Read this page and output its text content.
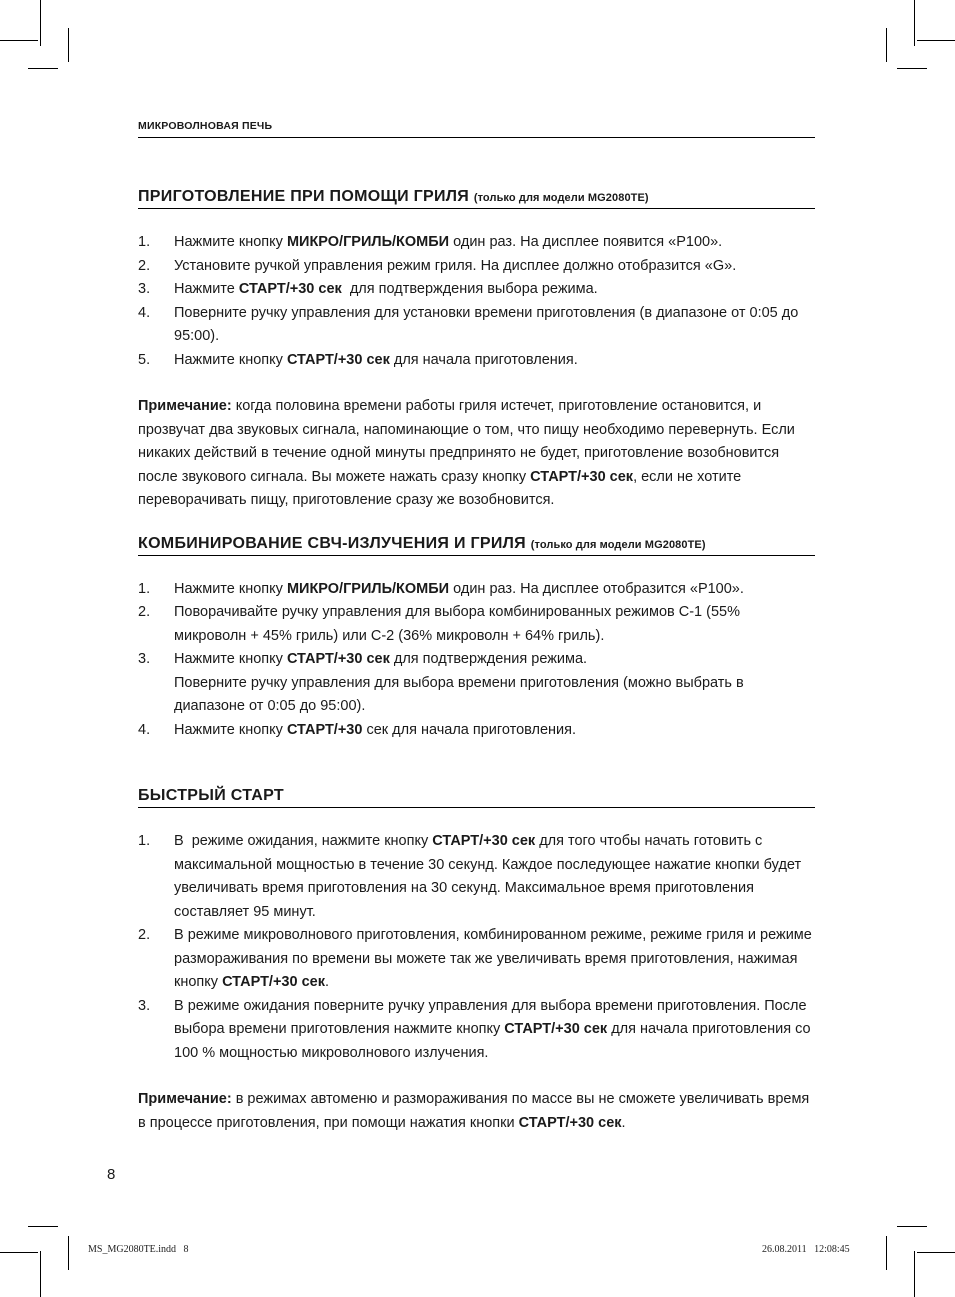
МИКРОВОЛНОВАЯ ПЕЧЬ
ПРИГОТОВЛЕНИЕ ПРИ ПОМОЩИ ГРИЛЯ (только для модели MG2080TE)
1. Нажмите кнопку МИКРО/ГРИЛЬ/КОМБИ один раз. На дисплее появится «Р100».
2. Установите ручкой управления режим гриля. На дисплее должно отобразится «G».
3. Нажмите СТАРТ/+30 сек  для подтверждения выбора режима.
4. Поверните ручку управления для установки времени приготовления (в диапазоне от 0:05 до 95:00).
5. Нажмите кнопку СТАРТ/+30 сек для начала приготовления.

Примечание: когда половина времени работы гриля истечет, приготовление остановится, и прозвучат два звуковых сигнала, напоминающие о том, что пищу необходимо перевернуть. Если никаких действий в течение одной минуты предпринято не будет, приготовление возобновится после звукового сигнала. Вы можете нажать сразу кнопку СТАРТ/+30 сек, если не хотите переворачивать пищу, приготовление сразу же возобновится.

КОМБИНИРОВАНИЕ СВЧ-ИЗЛУЧЕНИЯ И ГРИЛЯ (только для модели MG2080TE)
1. Нажмите кнопку МИКРО/ГРИЛЬ/КОМБИ один раз. На дисплее отобразится «Р100».
2. Поворачивайте ручку управления для выбора комбинированных режимов С-1 (55% микроволн + 45% гриль) или С-2 (36% микроволн + 64% гриль).
3. Нажмите кнопку СТАРТ/+30 сек для подтверждения режима.
Поверните ручку управления для выбора времени приготовления (можно выбрать в диапазоне от 0:05 до 95:00).
4. Нажмите кнопку СТАРТ/+30 сек для начала приготовления.
БЫСТРЫЙ СТАРТ
1. В  режиме ожидания, нажмите кнопку СТАРТ/+30 сек для того чтобы начать готовить с максимальной мощностью в течение 30 секунд. Каждое последующее нажатие кнопки будет увеличивать время приготовления на 30 секунд. Максимальное время приготовления составляет 95 минут.
2. В режиме микроволнового приготовления, комбинированном режиме, режиме гриля и режиме размораживания по времени вы можете так же увеличивать время приготовления, нажимая кнопку СТАРТ/+30 сек.
3. В режиме ожидания поверните ручку управления для выбора времени приготовления. После выбора времени приготовления нажмите кнопку СТАРТ/+30 сек для начала приготовления со 100 % мощностью микроволнового излучения.

Примечание: в режимах автоменю и размораживания по массе вы не сможете увеличивать время в процессе приготовления, при помощи нажатия кнопки СТАРТ/+30 сек.

8
MS_MG2080TE.indd   8	26.08.2011   12:08:45
